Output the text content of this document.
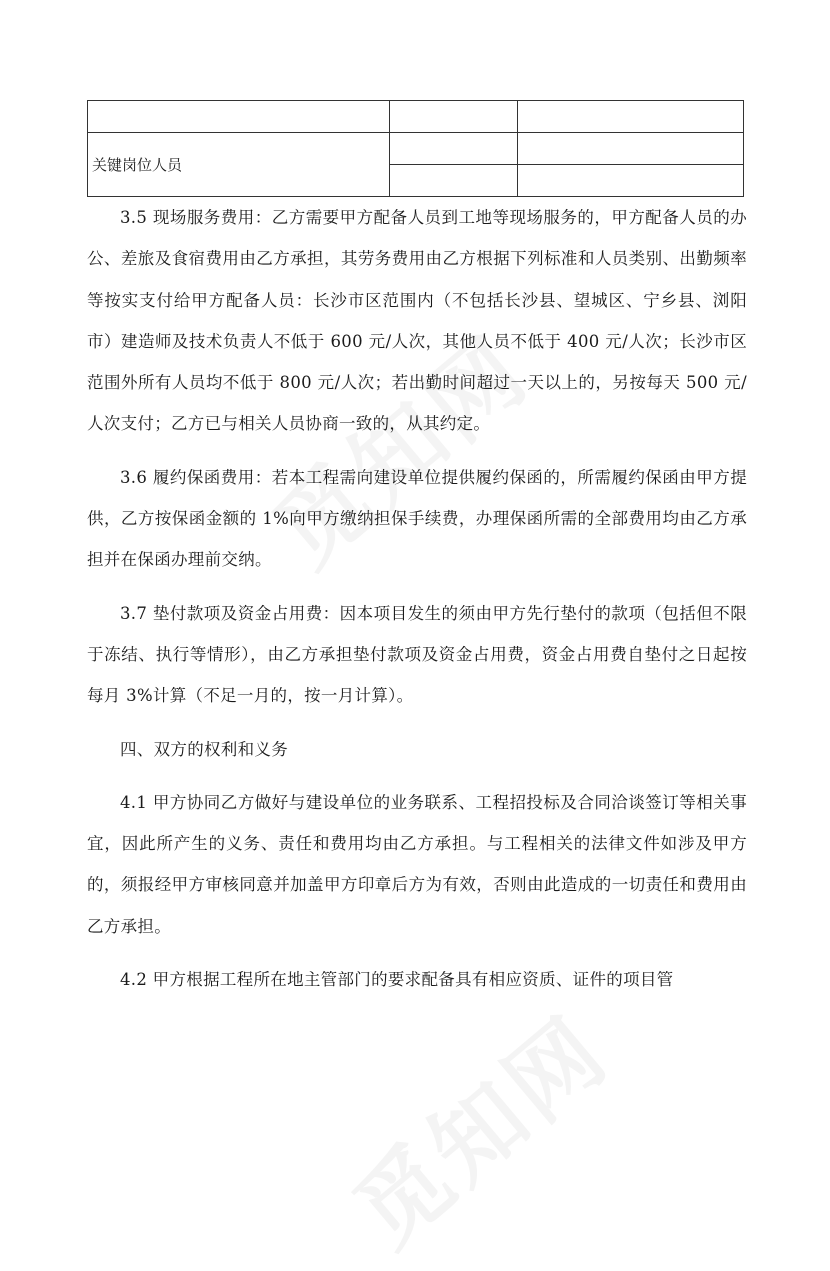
关键岗位人员		

3.5 现场服务费用：乙方需要甲方配备人员到工地等现场服务的，甲方配备人员的办公、差旅及食宿费用由乙方承担，其劳务费用由乙方根据下列标准和人员类别、出勤频率等按实支付给甲方配备人员：长沙市区范围内（不包括长沙县、望城区、宁乡县、浏阳市）建造师及技术负责人不低于 600 元/人次，其他人员不低于 400 元/人次；长沙市区范围外所有人员均不低于 800 元/人次；若出勤时间超过一天以上的，另按每天 500 元/人次支付；乙方已与相关人员协商一致的，从其约定。

3.6 履约保函费用：若本工程需向建设单位提供履约保函的，所需履约保函由甲方提供，乙方按保函金额的 1%向甲方缴纳担保手续费，办理保函所需的全部费用均由乙方承担并在保函办理前交纳。

3.7 垫付款项及资金占用费：因本项目发生的须由甲方先行垫付的款项（包括但不限于冻结、执行等情形），由乙方承担垫付款项及资金占用费，资金占用费自垫付之日起按每月 3%计算（不足一月的，按一月计算）。

四、双方的权利和义务

4.1 甲方协同乙方做好与建设单位的业务联系、工程招投标及合同洽谈签订等相关事宜，因此所产生的义务、责任和费用均由乙方承担。与工程相关的法律文件如涉及甲方的，须报经甲方审核同意并加盖甲方印章后方为有效，否则由此造成的一切责任和费用由乙方承担。

4.2 甲方根据工程所在地主管部门的要求配备具有相应资质、证件的项目管
